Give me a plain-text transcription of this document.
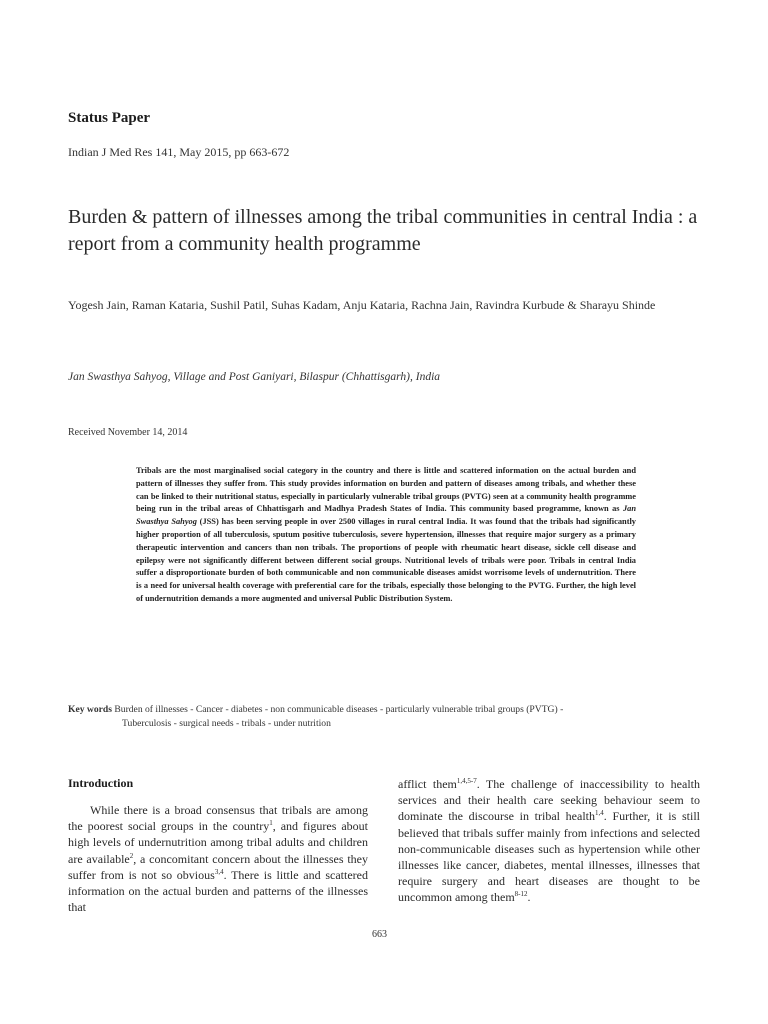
Status Paper
Indian J Med Res 141, May 2015, pp 663-672
Burden & pattern of illnesses among the tribal communities in central India : a report from a community health programme
Yogesh Jain, Raman Kataria, Sushil Patil, Suhas Kadam, Anju Kataria, Rachna Jain, Ravindra Kurbude & Sharayu Shinde
Jan Swasthya Sahyog, Village and Post Ganiyari, Bilaspur (Chhattisgarh), India
Received November 14, 2014
Tribals are the most marginalised social category in the country and there is little and scattered information on the actual burden and pattern of illnesses they suffer from. This study provides information on burden and pattern of diseases among tribals, and whether these can be linked to their nutritional status, especially in particularly vulnerable tribal groups (PVTG) seen at a community health programme being run in the tribal areas of Chhattisgarh and Madhya Pradesh States of India. This community based programme, known as Jan Swasthya Sahyog (JSS) has been serving people in over 2500 villages in rural central India. It was found that the tribals had significantly higher proportion of all tuberculosis, sputum positive tuberculosis, severe hypertension, illnesses that require major surgery as a primary therapeutic intervention and cancers than non tribals. The proportions of people with rheumatic heart disease, sickle cell disease and epilepsy were not significantly different between different social groups. Nutritional levels of tribals were poor. Tribals in central India suffer a disproportionate burden of both communicable and non communicable diseases amidst worrisome levels of undernutrition. There is a need for universal health coverage with preferential care for the tribals, especially those belonging to the PVTG. Further, the high level of undernutrition demands a more augmented and universal Public Distribution System.
Key words Burden of illnesses - Cancer - diabetes - non communicable diseases - particularly vulnerable tribal groups (PVTG) -
Tuberculosis - surgical needs - tribals - under nutrition
Introduction
While there is a broad consensus that tribals are among the poorest social groups in the country$^1$, and figures about high levels of undernutrition among tribal adults and children are available$^2$, a concomitant concern about the illnesses they suffer from is not so obvious$^{3,4}$. There is little and scattered information on the actual burden and patterns of the illnesses that
afflict them$^{1,4,5-7}$. The challenge of inaccessibility to health services and their health care seeking behaviour seem to dominate the discourse in tribal health$^{1,4}$. Further, it is still believed that tribals suffer mainly from infections and selected non-communicable diseases such as hypertension while other illnesses like cancer, diabetes, mental illnesses, illnesses that require surgery and heart diseases are thought to be uncommon among them$^{8-12}$.
663
